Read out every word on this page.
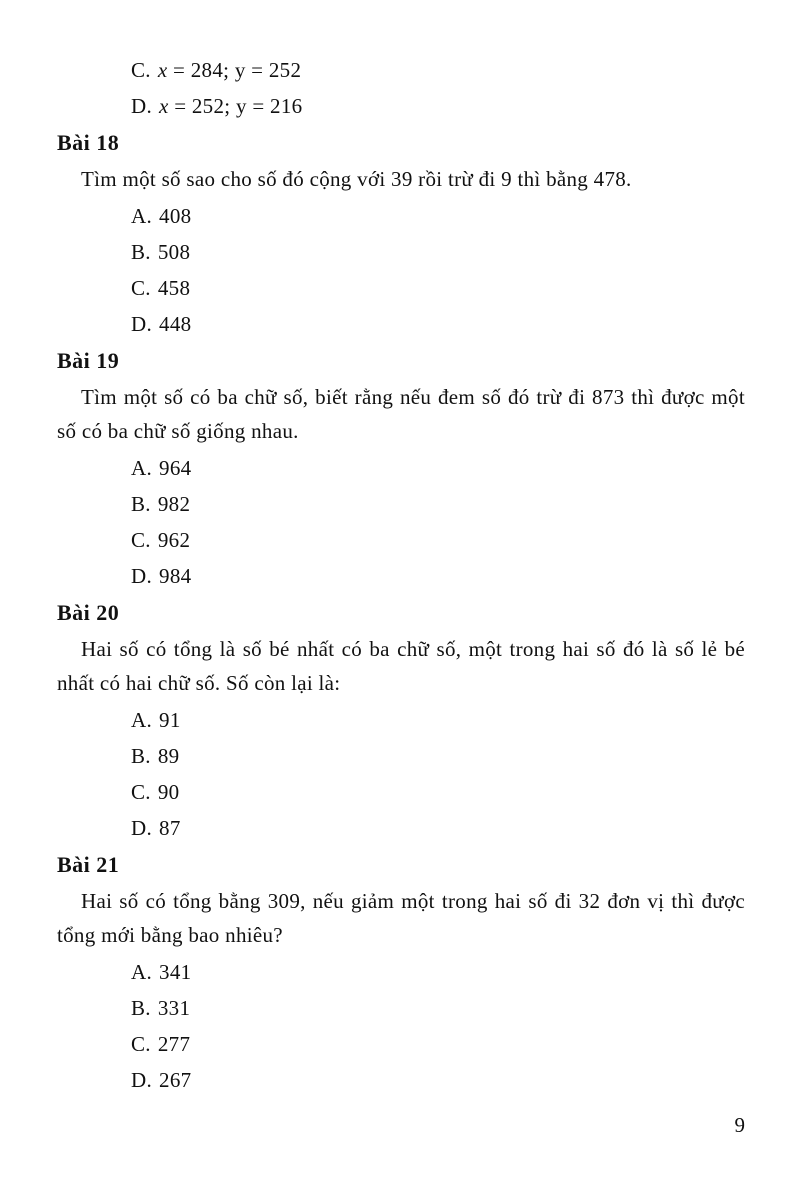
C. x = 284; y = 252
D. x = 252; y = 216
Bài 18

Tìm một số sao cho số đó cộng với 39 rồi trừ đi 9 thì bằng 478.

A. 408
B. 508
C. 458
D. 448
Bài 19

Tìm một số có ba chữ số, biết rằng nếu đem số đó trừ đi 873 thì được một số có ba chữ số giống nhau.

A. 964
B. 982
C. 962
D. 984
Bài 20

Hai số có tổng là số bé nhất có ba chữ số, một trong hai số đó là số lẻ bé nhất có hai chữ số. Số còn lại là:

A. 91
B. 89
C. 90
D. 87
Bài 21

Hai số có tổng bằng 309, nếu giảm một trong hai số đi 32 đơn vị thì được tổng mới bằng bao nhiêu?

A. 341
B. 331
C. 277
D. 267
9
